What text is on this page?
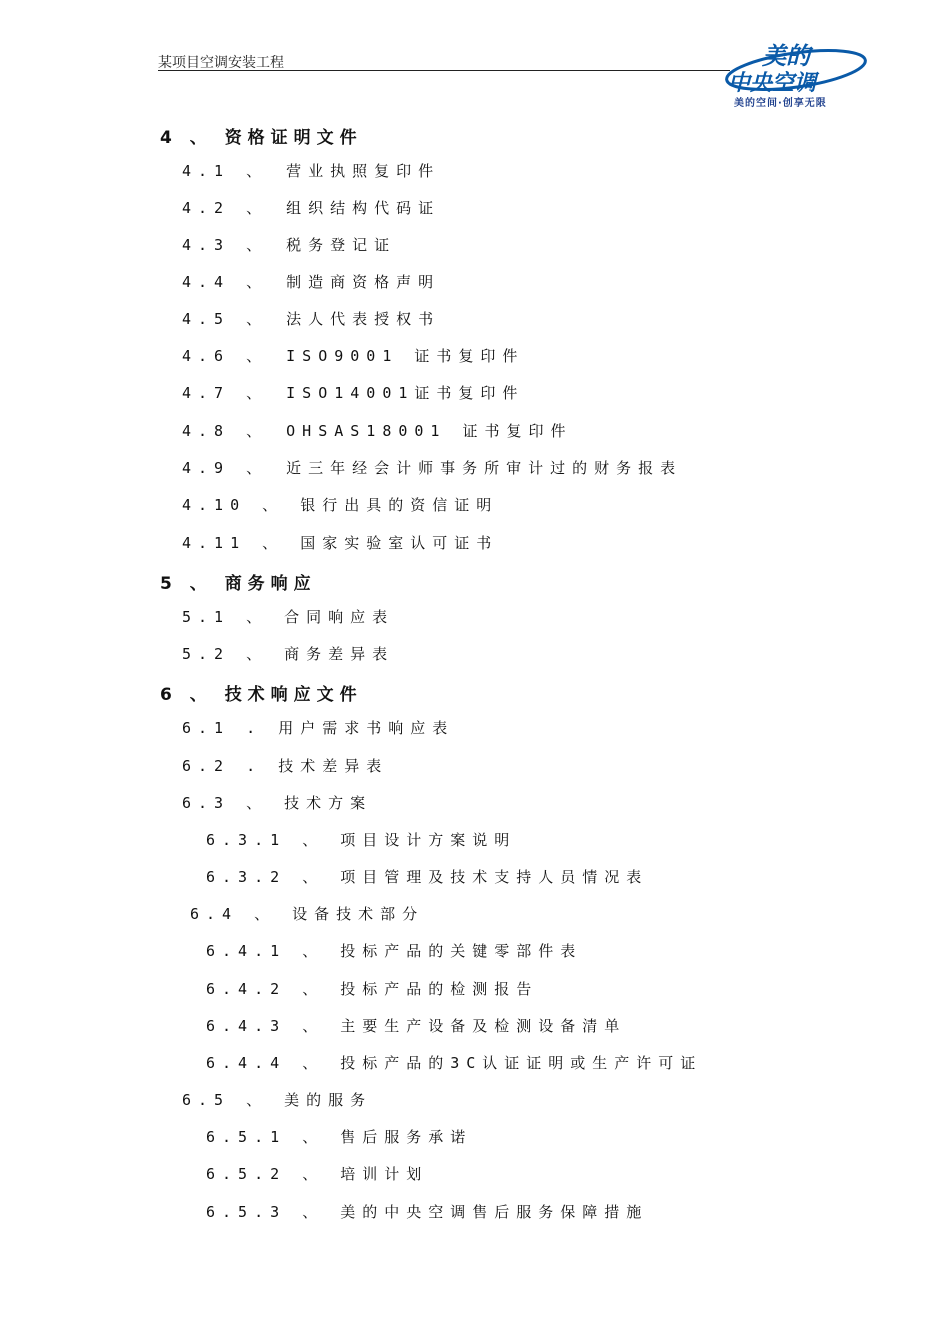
某项目空调安装工程	美的
中央空调
美的空间·创享无限
4 、 资格证明文件
4.1 、 营业执照复印件
4.2 、 组织结构代码证
4.3 、 税务登记证
4.4 、 制造商资格声明
4.5 、 法人代表授权书
4.6 、 ISO9001 证书复印件
4.7 、 ISO14001证书复印件
4.8 、 OHSAS18001 证书复印件
4.9 、 近三年经会计师事务所审计过的财务报表
4.10 、 银行出具的资信证明
4.11 、 国家实验室认可证书
5 、 商务响应
5.1 、 合同响应表
5.2 、 商务差异表
6 、 技术响应文件
6.1 . 用户需求书响应表
6.2 . 技术差异表
6.3 、 技术方案
6.3.1 、 项目设计方案说明
6.3.2 、 项目管理及技术支持人员情况表
6.4 、 设备技术部分
6.4.1 、 投标产品的关键零部件表
6.4.2 、 投标产品的检测报告
6.4.3 、 主要生产设备及检测设备清单
6.4.4 、 投标产品的3C认证证明或生产许可证
6.5 、 美的服务
6.5.1 、 售后服务承诺
6.5.2 、 培训计划
6.5.3 、 美的中央空调售后服务保障措施
